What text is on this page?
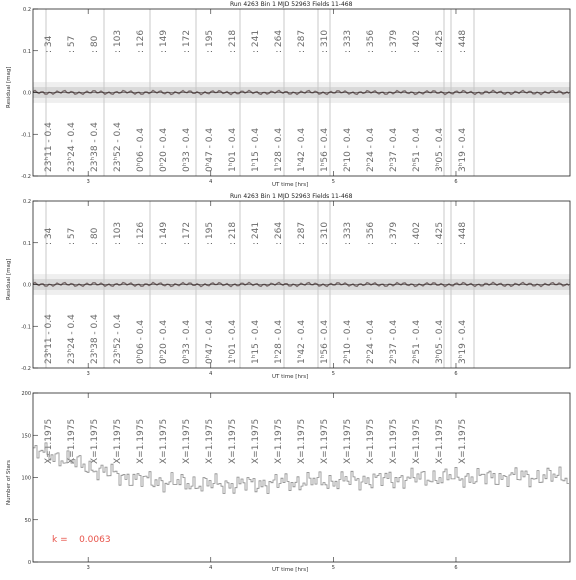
: 34
23ʰ11 - 0.4
: 57
23ʰ24 - 0.4
: 80
23ʰ38 - 0.4
: 103
23ʰ52 - 0.4
: 126
0ʰ06 - 0.4
: 149
0ʰ20 - 0.4
: 172
0ʰ33 - 0.4
: 195
0ʰ47 - 0.4
: 218
1ʰ01 - 0.4
: 241
1ʰ15 - 0.4
: 264
1ʰ28 - 0.4
: 287
1ʰ42 - 0.4
: 310
1ʰ56 - 0.4
: 333
2ʰ10 - 0.4
: 356
2ʰ24 - 0.4
: 379
2ʰ37 - 0.4
: 402
2ʰ51 - 0.4
: 425
3ʰ05 - 0.4
: 448
3ʰ19 - 0.4
0.2
0.1
0.0
-0.1
-0.2
3	4	5	6
: 34
23ʰ11 - 0.4
: 57
23ʰ24 - 0.4
: 80
23ʰ38 - 0.4
: 103
23ʰ52 - 0.4
: 126
0ʰ06 - 0.4
: 149
0ʰ20 - 0.4
: 172
0ʰ33 - 0.4
: 195
0ʰ47 - 0.4
: 218
1ʰ01 - 0.4
: 241
1ʰ15 - 0.4
: 264
1ʰ28 - 0.4
: 287
1ʰ42 - 0.4
: 310
1ʰ56 - 0.4
: 333
2ʰ10 - 0.4
: 356
2ʰ24 - 0.4
: 379
2ʰ37 - 0.4
: 402
2ʰ51 - 0.4
: 425
3ʰ05 - 0.4
: 448
3ʰ19 - 0.4
0.2
0.1
0.0
-0.1
-0.2
3	4	5	6
X=1.1975 X=1.1975 X=1.1975 X=1.1975 X=1.1975 X=1.1975 X=1.1975 X=1.1975 X=1.1975 X=1.1975 X=1.1975 X=1.1975 X=1.1975 X=1.1975 X=1.1975 X=1.1975 X=1.1975 X=1.1975 X=1.1975
200
150
100
50
0
3	4	5	6
Run 4263 Bin 1 MJD 52963 Fields 11-468
Run 4263 Bin 1 MJD 52963 Fields 11-468
UT time [hrs]
UT time [hrs]
UT time [hrs]
Residual [mag]
Residual [mag]
Number of Stars
k = 0.0063
